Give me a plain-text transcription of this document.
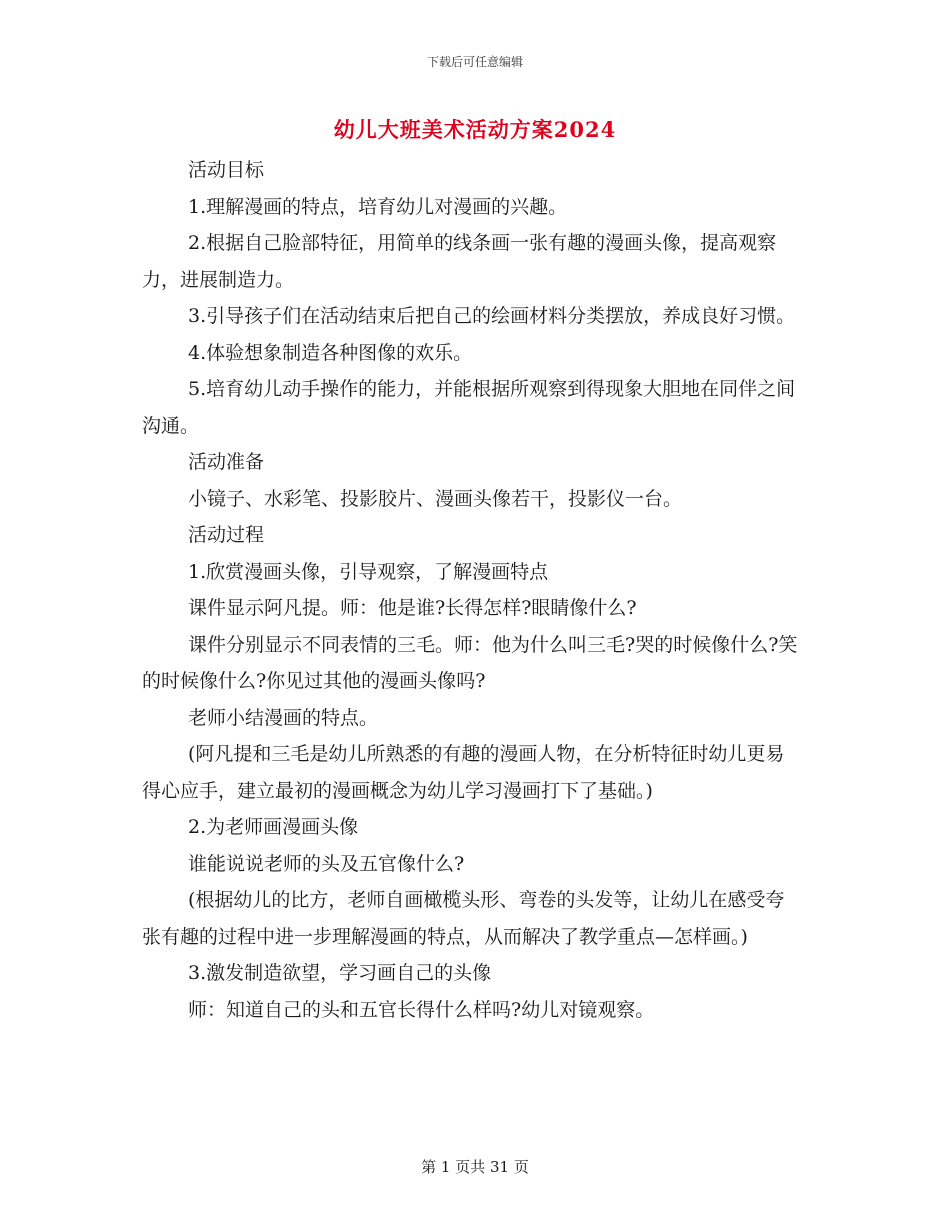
下载后可任意编辑
幼儿大班美术活动方案2024

活动目标

1.理解漫画的特点，培育幼儿对漫画的兴趣。

2.根据自己脸部特征，用简单的线条画一张有趣的漫画头像，提高观察力，进展制造力。

3.引导孩子们在活动结束后把自己的绘画材料分类摆放，养成良好习惯。

4.体验想象制造各种图像的欢乐。

5.培育幼儿动手操作的能力，并能根据所观察到得现象大胆地在同伴之间沟通。

活动准备

小镜子、水彩笔、投影胶片、漫画头像若干，投影仪一台。

活动过程

1.欣赏漫画头像，引导观察，了解漫画特点

课件显示阿凡提。师：他是谁?长得怎样?眼睛像什么?

课件分别显示不同表情的三毛。师：他为什么叫三毛?哭的时候像什么?笑的时候像什么?你见过其他的漫画头像吗?

老师小结漫画的特点。

(阿凡提和三毛是幼儿所熟悉的有趣的漫画人物，在分析特征时幼儿更易得心应手，建立最初的漫画概念为幼儿学习漫画打下了基础。)

2.为老师画漫画头像

谁能说说老师的头及五官像什么?

(根据幼儿的比方，老师自画橄榄头形、弯卷的头发等，让幼儿在感受夸张有趣的过程中进一步理解漫画的特点，从而解决了教学重点—怎样画。)

3.激发制造欲望，学习画自己的头像

师：知道自己的头和五官长得什么样吗?幼儿对镜观察。

第 1 页共 31 页
